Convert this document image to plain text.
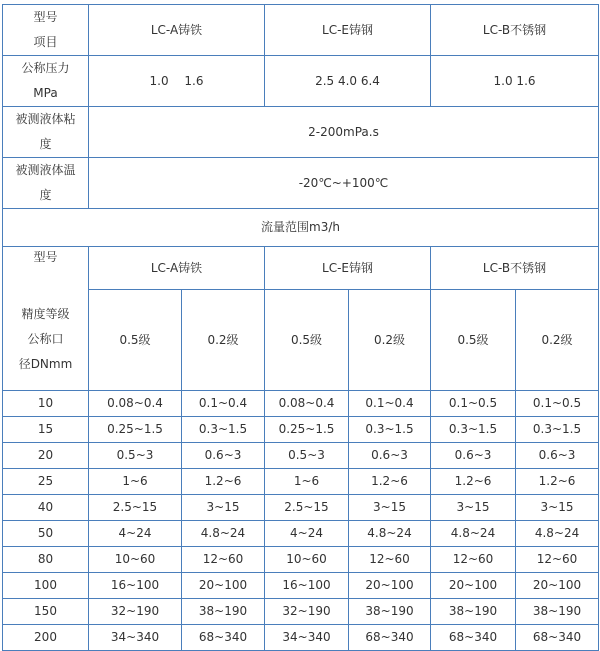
型号
项目	LC-A铸铁		LC-E铸钢		LC-B不锈钢	

公称压力
MPa	1.0　 1.6		2.5 4.0 6.4		1.0 1.6	

被测液体粘
度	2-200mPa.s					

被测液体温
度	-20℃~+100℃					
流量范围m3/h						

型号
精度等级
公称口
径DNmm	LC-A铸铁		LC-E铸钢		LC-B不锈钢	
	0.5级	0.2级	0.5级	0.2级	0.5级	0.2级
10	0.08~0.4	0.1~0.4	0.08~0.4	0.1~0.4	0.1~0.5	0.1~0.5
15	0.25~1.5	0.3~1.5	0.25~1.5	0.3~1.5	0.3~1.5	0.3~1.5
20	0.5~3	0.6~3	0.5~3	0.6~3	0.6~3	0.6~3
25	1~6	1.2~6	1~6	1.2~6	1.2~6	1.2~6
40	2.5~15	3~15	2.5~15	3~15	3~15	3~15
50	4~24	4.8~24	4~24	4.8~24	4.8~24	4.8~24
80	10~60	12~60	10~60	12~60	12~60	12~60
100	16~100	20~100	16~100	20~100	20~100	20~100
150	32~190	38~190	32~190	38~190	38~190	38~190
200	34~340	68~340	34~340	68~340	68~340	68~340
